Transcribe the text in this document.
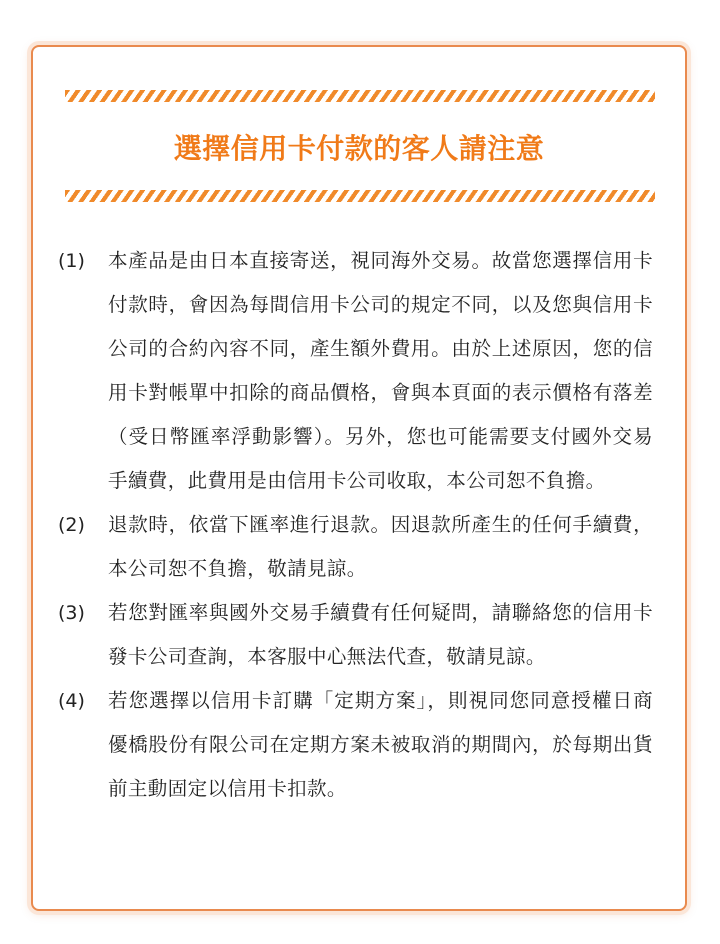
選擇信用卡付款的客人請注意
(1)	本產品是由日本直接寄送，視同海外交易。故當您選擇信用卡付款時，會因為每間信用卡公司的規定不同，以及您與信用卡公司的合約內容不同，產生額外費用。由於上述原因，您的信用卡對帳單中扣除的商品價格，會與本頁面的表示價格有落差（受日幣匯率浮動影響）。另外，您也可能需要支付國外交易手續費，此費用是由信用卡公司收取，本公司恕不負擔。
(2)	退款時，依當下匯率進行退款。因退款所產生的任何手續費，本公司恕不負擔，敬請見諒。
(3)	若您對匯率與國外交易手續費有任何疑問，請聯絡您的信用卡發卡公司查詢，本客服中心無法代查，敬請見諒。
(4)	若您選擇以信用卡訂購「定期方案」，則視同您同意授權日商優橋股份有限公司在定期方案未被取消的期間內，於每期出貨前主動固定以信用卡扣款。
